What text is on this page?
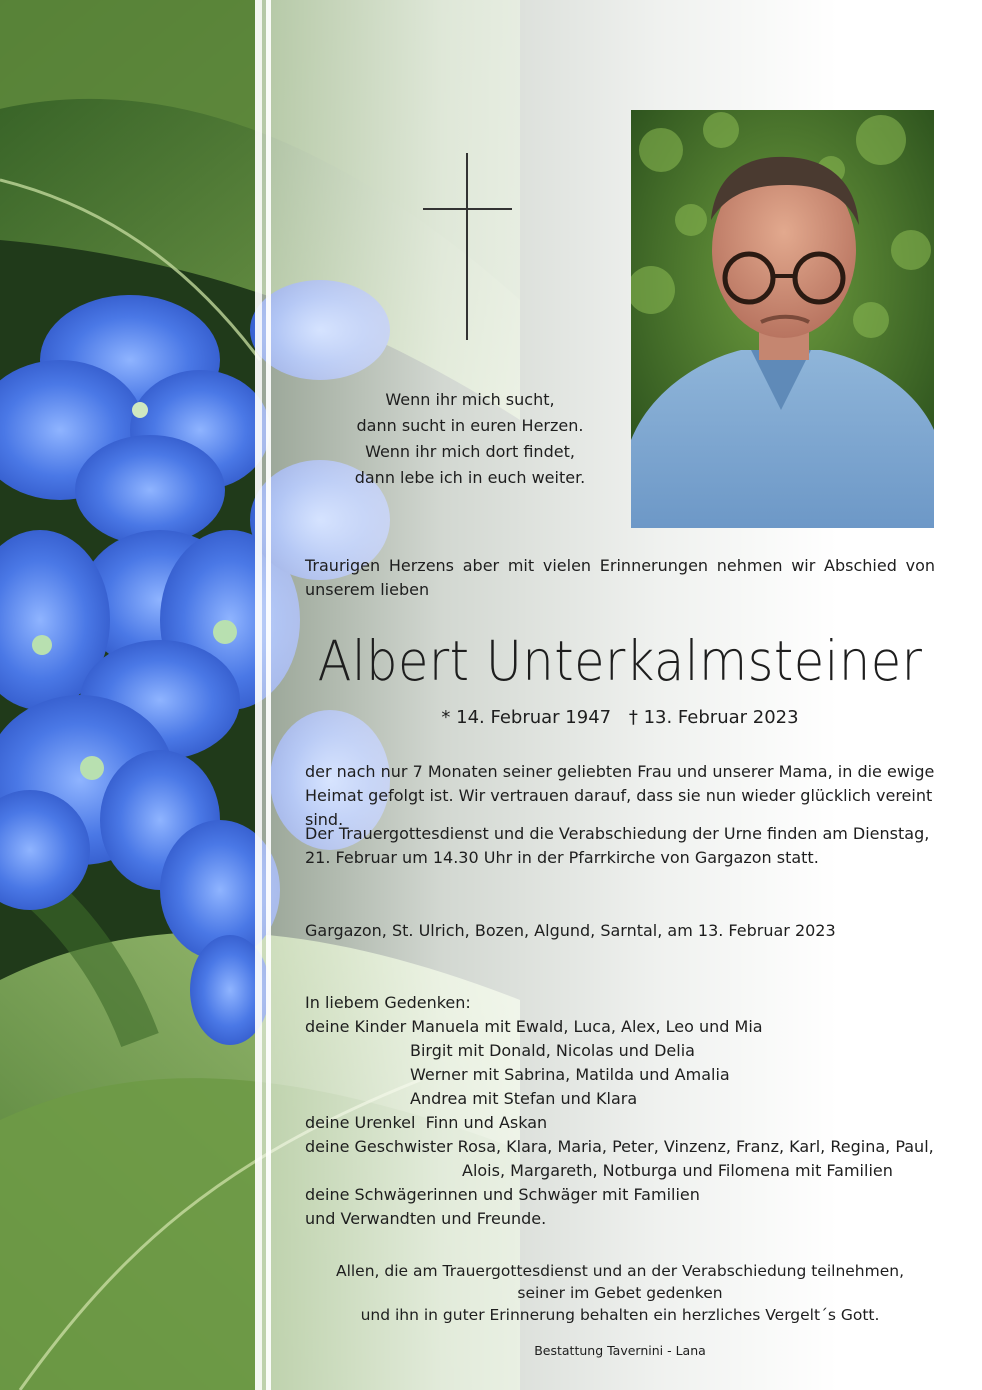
Wenn ihr mich sucht,
dann sucht in euren Herzen.
Wenn ihr mich dort findet,
dann lebe ich in euch weiter.
Traurigen Herzens aber mit vielen Erinnerungen nehmen wir Abschied von unserem lieben
Albert Unterkalmsteiner
* 14. Februar 1947 † 13. Februar 2023
der nach nur 7 Monaten seiner geliebten Frau und unserer Mama, in die ewige Heimat gefolgt ist. Wir vertrauen darauf, dass sie nun wieder glücklich vereint sind.
Der Trauergottesdienst und die Verabschiedung der Urne finden am Dienstag, 21. Februar um 14.30 Uhr in der Pfarrkirche von Gargazon statt.
Gargazon, St. Ulrich, Bozen, Algund, Sarntal, am 13. Februar 2023
In liebem Gedenken:
deine Kinder Manuela mit Ewald, Luca, Alex, Leo und Mia
Birgit mit Donald, Nicolas und Delia
Werner mit Sabrina, Matilda und Amalia
Andrea mit Stefan und Klara
deine Urenkel  Finn und Askan
deine Geschwister Rosa, Klara, Maria, Peter, Vinzenz, Franz, Karl, Regina, Paul,
Alois, Margareth, Notburga und Filomena mit Familien
deine Schwägerinnen und Schwäger mit Familien
und Verwandten und Freunde.
Allen, die am Trauergottesdienst und an der Verabschiedung teilnehmen,
seiner im Gebet gedenken
und ihn in guter Erinnerung behalten ein herzliches Vergelt´s Gott.
Bestattung Tavernini - Lana
